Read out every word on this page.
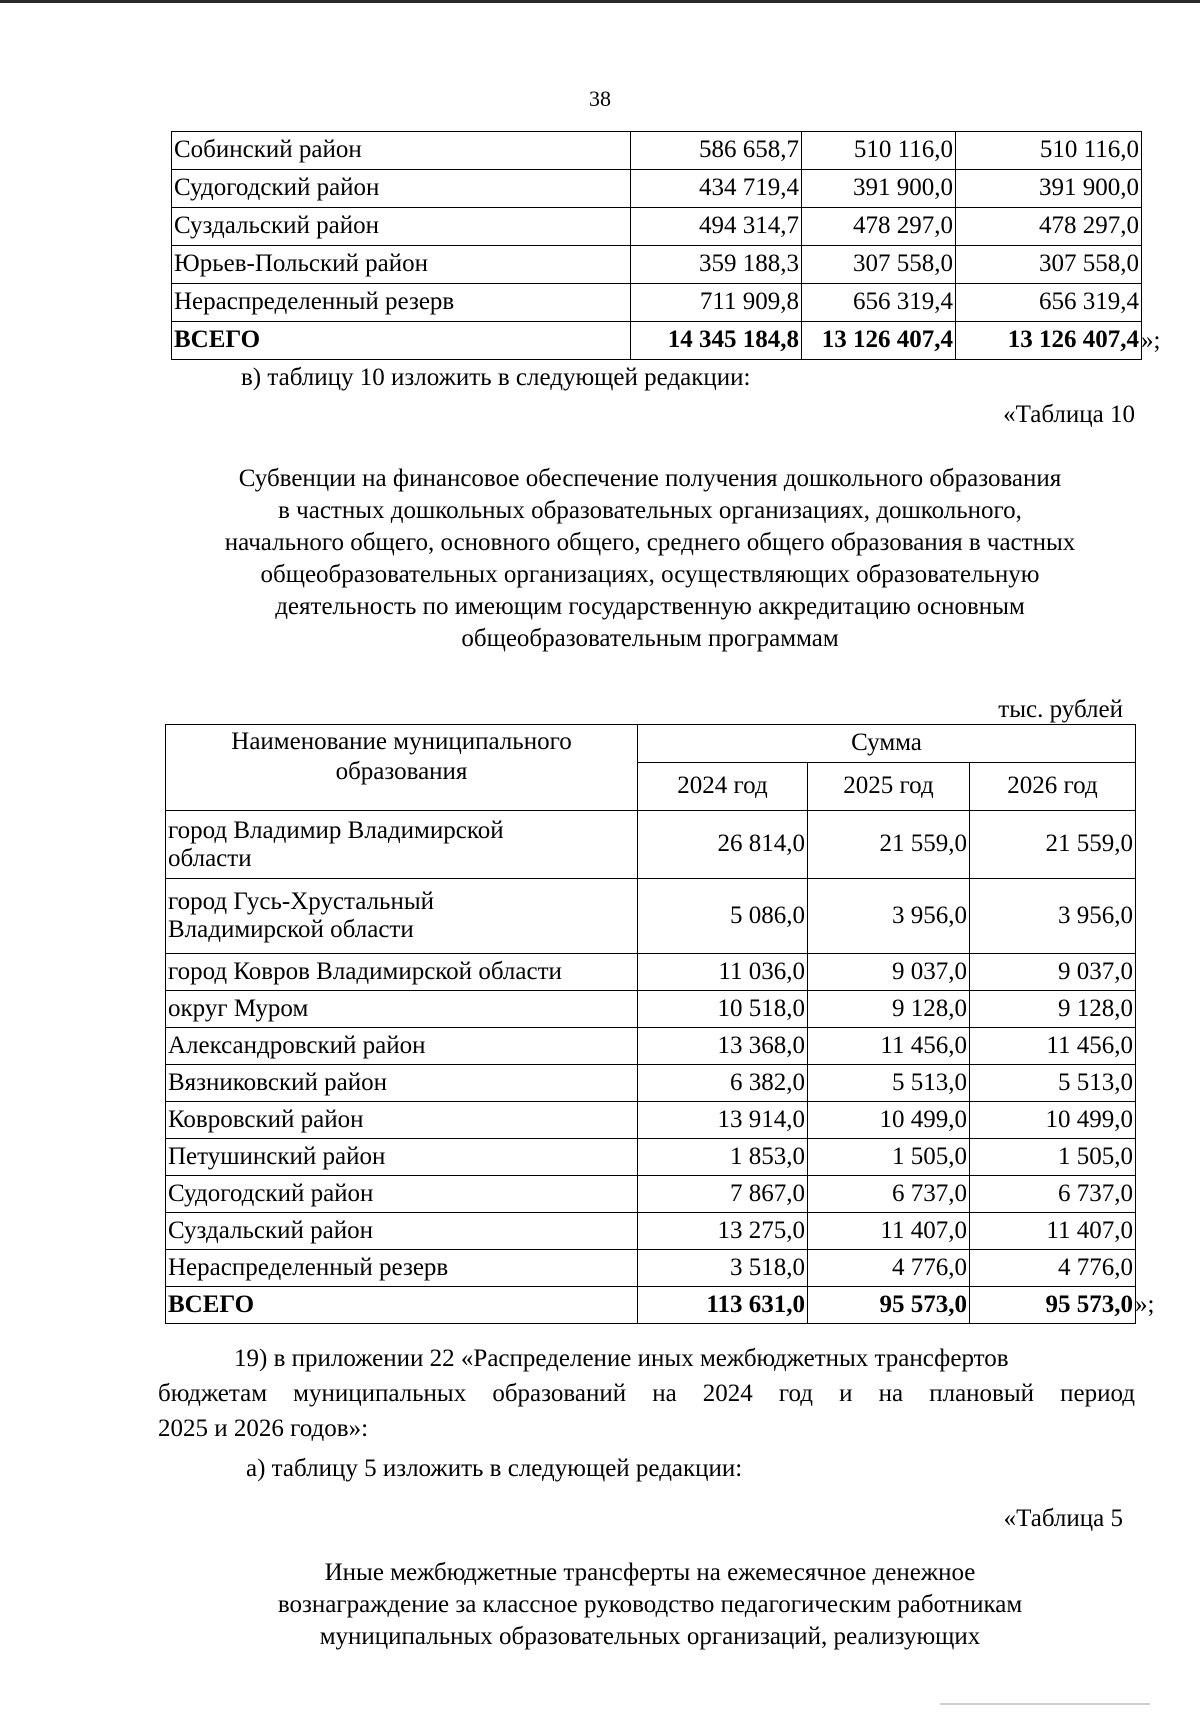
38
Собинский район	586 658,7	510 116,0	510 116,0
Судогодский район	434 719,4	391 900,0	391 900,0
Суздальский район	494 314,7	478 297,0	478 297,0
Юрьев-Польский район	359 188,3	307 558,0	307 558,0
Нераспределенный резерв	711 909,8	656 319,4	656 319,4
ВСЕГО	14 345 184,8	13 126 407,4	13 126 407,4 »;
в) таблицу 10 изложить в следующей редакции:
«Таблица 10
Субвенции на финансовое обеспечение получения дошкольного образования
в частных дошкольных образовательных организациях, дошкольного,
начального общего, основного общего, среднего общего образования в частных
общеобразовательных организациях, осуществляющих образовательную
деятельность по имеющим государственную аккредитацию основным
общеобразовательным программам
тыс. рублей
Наименование муниципального
образования	Сумма		
	2024 год	2025 год	2026 год

город Владимир Владимирской
области	26 814,0	21 559,0	21 559,0

город Гусь-Хрустальный
Владимирской области	5 086,0	3 956,0	3 956,0
город Ковров Владимирской области	11 036,0	9 037,0	9 037,0
округ Муром	10 518,0	9 128,0	9 128,0
Александровский район	13 368,0	11 456,0	11 456,0
Вязниковский район	6 382,0	5 513,0	5 513,0
Ковровский район	13 914,0	10 499,0	10 499,0
Петушинский район	1 853,0	1 505,0	1 505,0
Судогодский район	7 867,0	6 737,0	6 737,0
Суздальский район	13 275,0	11 407,0	11 407,0
Нераспределенный резерв	3 518,0	4 776,0	4 776,0
ВСЕГО	113 631,0	95 573,0	95 573,0 »;
19) в приложении 22 «Распределение иных межбюджетных трансфертов
бюджетам муниципальных образований на 2024 год и на плановый период
2025 и 2026 годов»:
а) таблицу 5 изложить в следующей редакции:
«Таблица 5
Иные межбюджетные трансферты на ежемесячное денежное
вознаграждение за классное руководство педагогическим работникам
муниципальных образовательных организаций, реализующих
